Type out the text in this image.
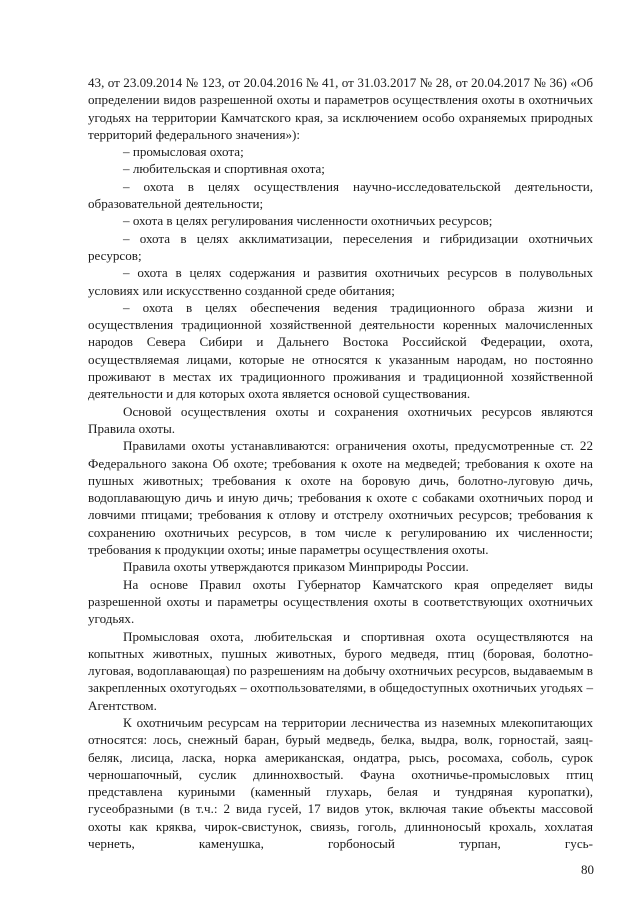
43, от 23.09.2014 № 123, от 20.04.2016 № 41, от 31.03.2017 № 28, от 20.04.2017 № 36) «Об определении видов разрешенной охоты и параметров осуществления охоты в охотничьих угодьях на территории Камчатского края, за исключением особо охраняемых природных территорий федерального значения»):

– промысловая охота;

– любительская и спортивная охота;

– охота в целях осуществления научно-исследовательской деятельности, образовательной деятельности;

– охота в целях регулирования численности охотничьих ресурсов;

– охота в целях акклиматизации, переселения и гибридизации охотничьих ресурсов;

– охота в целях содержания и развития охотничьих ресурсов в полувольных условиях или искусственно созданной среде обитания;

– охота в целях обеспечения ведения традиционного образа жизни и осуществления традиционной хозяйственной деятельности коренных малочисленных народов Севера Сибири и Дальнего Востока Российской Федерации, охота, осуществляемая лицами, которые не относятся к указанным народам, но постоянно проживают в местах их традиционного проживания и традиционной хозяйственной деятельности и для которых охота является основой существования.

Основой осуществления охоты и сохранения охотничьих ресурсов являются Правила охоты.

Правилами охоты устанавливаются: ограничения охоты, предусмотренные ст. 22 Федерального закона Об охоте; требования к охоте на медведей; требования к охоте на пушных животных; требования к охоте на боровую дичь, болотно-луговую дичь, водоплавающую дичь и иную дичь; требования к охоте с собаками охотничьих пород и ловчими птицами; требования к отлову и отстрелу охотничьих ресурсов; требования к сохранению охотничьих ресурсов, в том числе к регулированию их численности; требования к продукции охоты; иные параметры осуществления охоты.

Правила охоты утверждаются приказом Минприроды России.

На основе Правил охоты Губернатор Камчатского края определяет виды разрешенной охоты и параметры осуществления охоты в соответствующих охотничьих угодьях.

Промысловая охота, любительская и спортивная охота осуществляются на копытных животных, пушных животных, бурого медведя, птиц (боровая, болотно-луговая, водоплавающая) по разрешениям на добычу охотничьих ресурсов, выдаваемым в закрепленных охотугодьях – охотпользователями, в общедоступных охотничьих угодьях – Агентством.

К охотничьим ресурсам на территории лесничества из наземных млекопитающих относятся: лось, снежный баран, бурый медведь, белка, выдра, волк, горностай, заяц-беляк, лисица, ласка, норка американская, ондатра, рысь, росомаха, соболь, сурок черношапочный, суслик длиннохвостый. Фауна охотничье-промысловых птиц представлена куриными (каменный глухарь, белая и тундряная куропатки), гусеобразными (в т.ч.: 2 вида гусей, 17 видов уток, включая такие объекты массовой охоты как кряква, чирок-свистунок, свиязь, гоголь, длинноносый крохаль, хохлатая чернеть, каменушка, горбоносый турпан, гусь-

80
